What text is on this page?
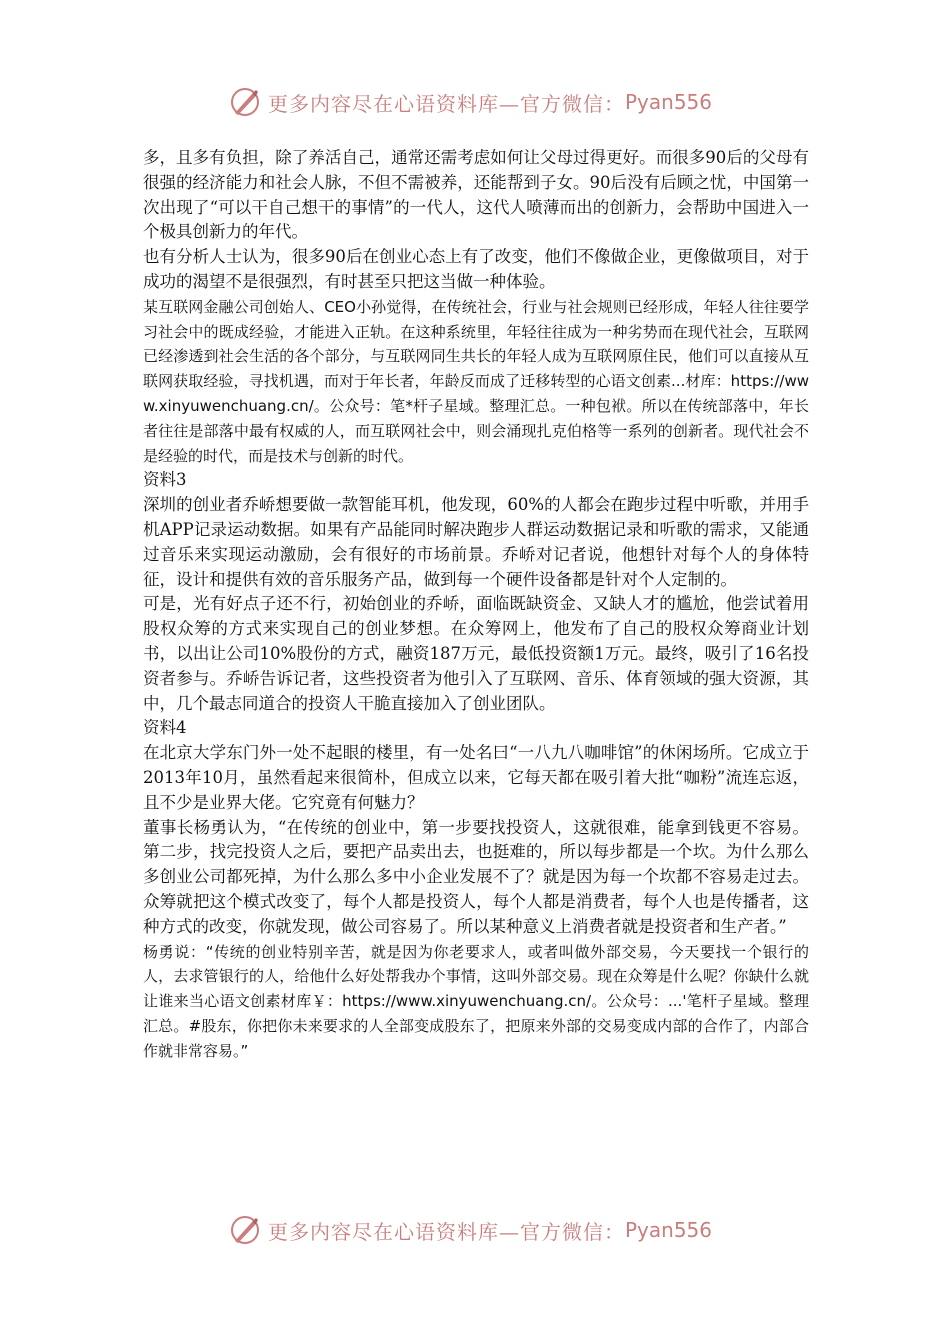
更多内容尽在心语资料库—官方微信： Pyan556

多，且多有负担，除了养活自己，通常还需考虑如何让父母过得更好。而很多90后的父母有很强的经济能力和社会人脉，不但不需被养，还能帮到子女。90后没有后顾之忧，中国第一次出现了“可以干自己想干的事情”的一代人，这代人喷薄而出的创新力，会帮助中国进入一个极具创新力的年代。

也有分析人士认为，很多90后在创业心态上有了改变，他们不像做企业，更像做项目，对于成功的渴望不是很强烈，有时甚至只把这当做一种体验。

某互联网金融公司创始人、CEO小孙觉得，在传统社会，行业与社会规则已经形成，年轻人往往要学习社会中的既成经验，才能进入正轨。在这种系统里，年轻往往成为一种劣势而在现代社会，互联网已经渗透到社会生活的各个部分，与互联网同生共长的年轻人成为互联网原住民，他们可以直接从互联网获取经验，寻找机遇，而对于年长者，年龄反而成了迁移转型的心语文创素...材库：https://www.xinyuwenchuang.cn/。公众号：笔*杆子星域。整理汇总。一种包袱。所以在传统部落中，年长者往往是部落中最有权威的人，而互联网社会中，则会涌现扎克伯格等一系列的创新者。现代社会不是经验的时代，而是技术与创新的时代。

资料3

深圳的创业者乔峤想要做一款智能耳机，他发现，60%的人都会在跑步过程中听歌，并用手机APP记录运动数据。如果有产品能同时解决跑步人群运动数据记录和听歌的需求，又能通过音乐来实现运动激励，会有很好的市场前景。乔峤对记者说，他想针对每个人的身体特征，设计和提供有效的音乐服务产品，做到每一个硬件设备都是针对个人定制的。

可是，光有好点子还不行，初始创业的乔峤，面临既缺资金、又缺人才的尴尬，他尝试着用股权众筹的方式来实现自己的创业梦想。在众筹网上，他发布了自己的股权众筹商业计划书，以出让公司10%股份的方式，融资187万元，最低投资额1万元。最终，吸引了16名投资者参与。乔峤告诉记者，这些投资者为他引入了互联网、音乐、体育领域的强大资源，其中，几个最志同道合的投资人干脆直接加入了创业团队。

资料4

在北京大学东门外一处不起眼的楼里，有一处名曰“一八九八咖啡馆”的休闲场所。它成立于2013年10月，虽然看起来很简朴，但成立以来，它每天都在吸引着大批“咖粉”流连忘返，且不少是业界大佬。它究竟有何魅力？

董事长杨勇认为，“在传统的创业中，第一步要找投资人，这就很难，能拿到钱更不容易。第二步，找完投资人之后，要把产品卖出去，也挺难的，所以每步都是一个坎。为什么那么多创业公司都死掉，为什么那么多中小企业发展不了？就是因为每一个坎都不容易走过去。众筹就把这个模式改变了，每个人都是投资人，每个人都是消费者，每个人也是传播者，这种方式的改变，你就发现，做公司容易了。所以某种意义上消费者就是投资者和生产者。”

杨勇说：“传统的创业特别辛苦，就是因为你老要求人，或者叫做外部交易，今天要找一个银行的人，去求管银行的人，给他什么好处帮我办个事情，这叫外部交易。现在众筹是什么呢？你缺什么就让谁来当心语文创素材库￥：https://www.xinyuwenchuang.cn/。公众号：...'笔杆子星域。整理汇总。#股东，你把你未来要求的人全部变成股东了，把原来外部的交易变成内部的合作了，内部合作就非常容易。”

更多内容尽在心语资料库—官方微信： Pyan556
